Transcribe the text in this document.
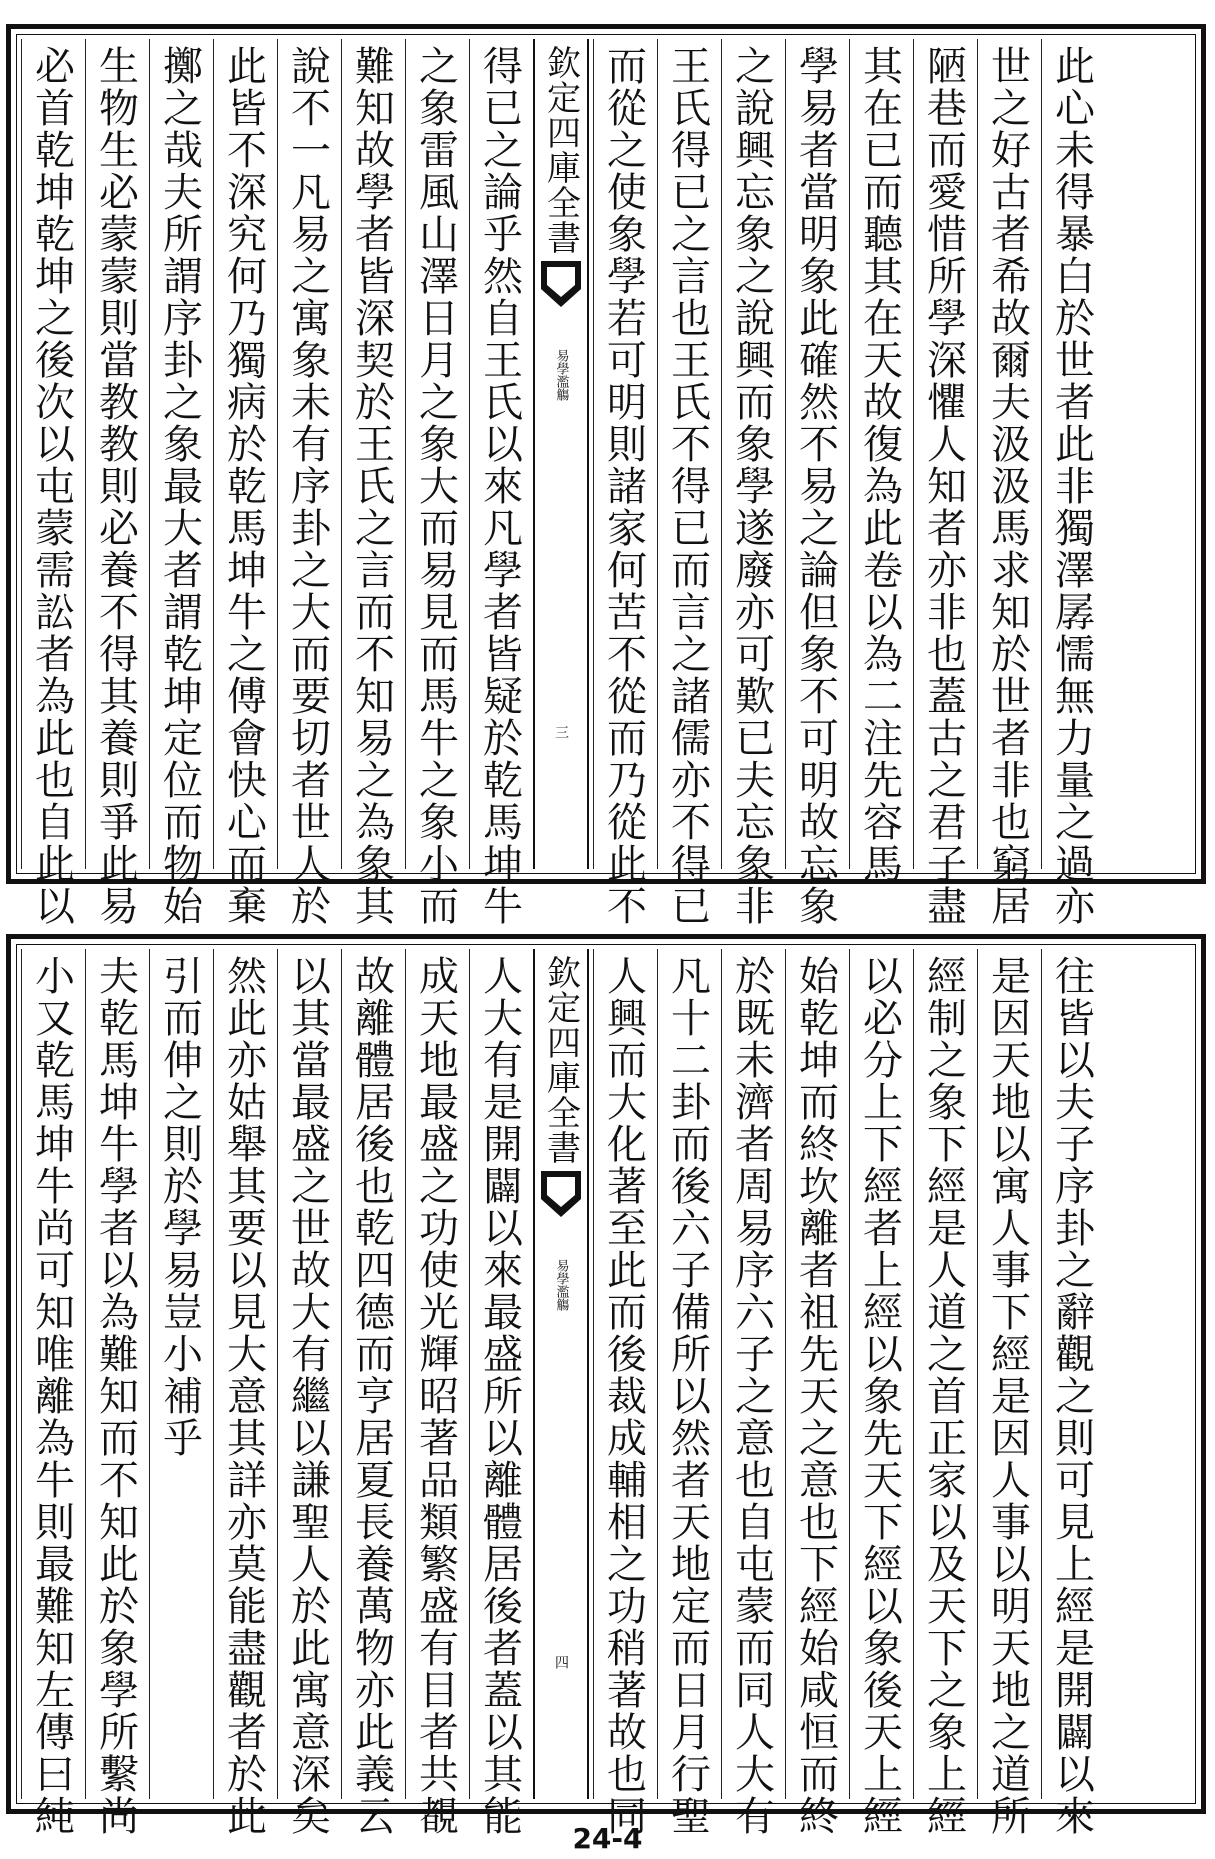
必首乾坤乾坤之後次以屯蒙需訟者為此也自此以 生物生必蒙蒙則當教教則必養不得其養則爭此易 擲之哉夫所謂序卦之象最大者謂乾坤定位而物始 此皆不深究何乃獨病於乾馬坤牛之傅會快心而棄 說不一凡易之寓象未有序卦之大而要切者世人於 難知故學者皆深契於王氏之言而不知易之為象其 之象雷風山澤日月之象大而易見而馬牛之象小而 得已之論乎然自王氏以來凡學者皆疑於乾馬坤牛 欽定四庫全書
易學濫觴
三 而從之使象學若可明則諸家何苦不從而乃從此不 王氏得已之言也王氏不得已而言之諸儒亦不得已 之說興忘象之說興而象學遂廢亦可歎已夫忘象非 學易者當明象此確然不易之論但象不可明故忘象 其在已而聽其在天故復為此卷以為二注先容馬 陋巷而愛惜所學深懼人知者亦非也蓋古之君子盡 世之好古者希故爾夫汲汲馬求知於世者非也窮居 此心未得暴白於世者此非獨澤孱懦無力量之過亦
小又乾馬坤牛尚可知唯離為牛則最難知左傳曰純 夫乾馬坤牛學者以為難知而不知此於象學所繫尚 引而伸之則於學易豈小補乎 然此亦姑舉其要以見大意其詳亦莫能盡觀者於此 以其當最盛之世故大有繼以謙聖人於此寓意深矣 故離體居後也乾四德而亨居夏長養萬物亦此義云 成天地最盛之功使光輝昭著品類繁盛有目者共覩 人大有是開闢以來最盛所以離體居後者蓋以其能 欽定四庫全書
易學濫觴
四 人興而大化著至此而後裁成輔相之功稍著故也同 凡十二卦而後六子備所以然者天地定而日月行聖 於既未濟者周易序六子之意也自屯蒙而同人大有 始乾坤而終坎離者祖先天之意也下經始咸恒而終 以必分上下經者上經以象先天下經以象後天上經 經制之象下經是人道之首正家以及天下之象上經 是因天地以寓人事下經是因人事以明天地之道所 往皆以夫子序卦之辭觀之則可見上經是開闢以來
24-4
